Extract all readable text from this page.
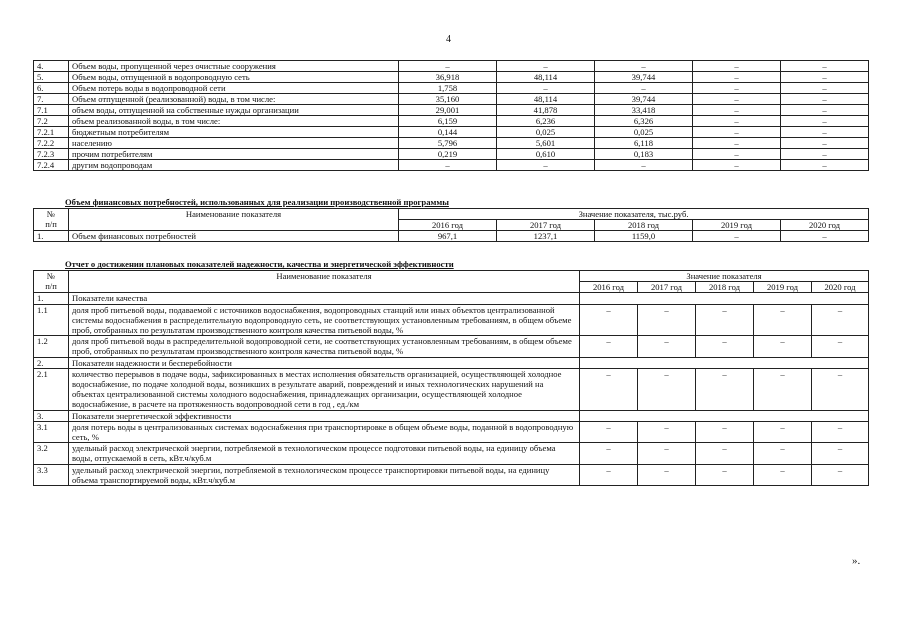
4
4.	Объем воды, пропущенной через очистные сооружения	–	–	–	–	–
5.	Объем воды, отпущенной в водопроводную сеть	36,918	48,114	39,744	–	–
6.	Объем потерь воды в водопроводной сети	1,758	–	–	–	–
7.	Объем отпущенной (реализованной) воды, в том числе:	35,160	48,114	39,744	–	–
7.1	объем воды, отпущенной на собственные нужды организации	29,001	41,878	33,418	–	–
7.2	объем реализованной воды, в том числе:	6,159	6,236	6,326	–	–
7.2.1	бюджетным потребителям	0,144	0,025	0,025	–	–
7.2.2	населению	5,796	5,601	6,118	–	–
7.2.3	прочим потребителям	0,219	0,610	0,183	–	–
7.2.4	другим водопроводам	–	–	–	–	–
Объем финансовых потребностей, использованных для реализации производственной программы
№
п/п	Наименование показателя	Значение показателя, тыс.руб.				
		2016 год	2017 год	2018 год	2019 год	2020 год
1.	Объем финансовых потребностей	967,1	1237,1	1159,0	–	–
Отчет о достижении плановых показателей надежности, качества и энергетической эффективности
№
п/п	Наименование показателя	Значение показателя				
		2016 год	2017 год	2018 год	2019 год	2020 год
1.	Показатели качества					
1.1	доля проб питьевой воды, подаваемой с источников водоснабжения, водопроводных станций или иных объектов централизованной системы водоснабжения в распределительную водопроводную сеть, не соответствующих установленным требованиям, в общем объеме проб, отобранных по результатам производственного контроля качества питьевой воды, %	–	–	–	–	–
1.2	доля проб питьевой воды в распределительной водопроводной сети, не соответствующих установленным требованиям, в общем объеме проб, отобранных по результатам производственного контроля качества питьевой воды, %	–	–	–	–	–
2.	Показатели надежности и бесперебойности					
2.1	количество перерывов в подаче воды, зафиксированных в местах исполнения обязательств организацией, осуществляющей холодное водоснабжение, по подаче холодной воды, возникших в результате аварий, повреждений и иных технологических нарушений на объектах централизованной системы холодного водоснабжения, принадлежащих организации, осуществляющей холодное водоснабжение, в расчете на протяженность водопроводной сети в год , ед./км	–	–	–	–	–
3.	Показатели энергетической эффективности					
3.1	доля потерь воды в централизованных системах водоснабжения при транспортировке в общем объеме воды, поданной в водопроводную сеть, %	–	–	–	–	–
3.2	удельный расход электрической энергии, потребляемой в технологическом процессе подготовки питьевой воды, на единицу объема воды, отпускаемой в сеть, кВт.ч/куб.м	–	–	–	–	–
3.3	удельный расход электрической энергии, потребляемой в технологическом процессе транспортировки питьевой воды, на единицу объема транспортируемой воды, кВт.ч/куб.м	–	–	–	–	–
».
